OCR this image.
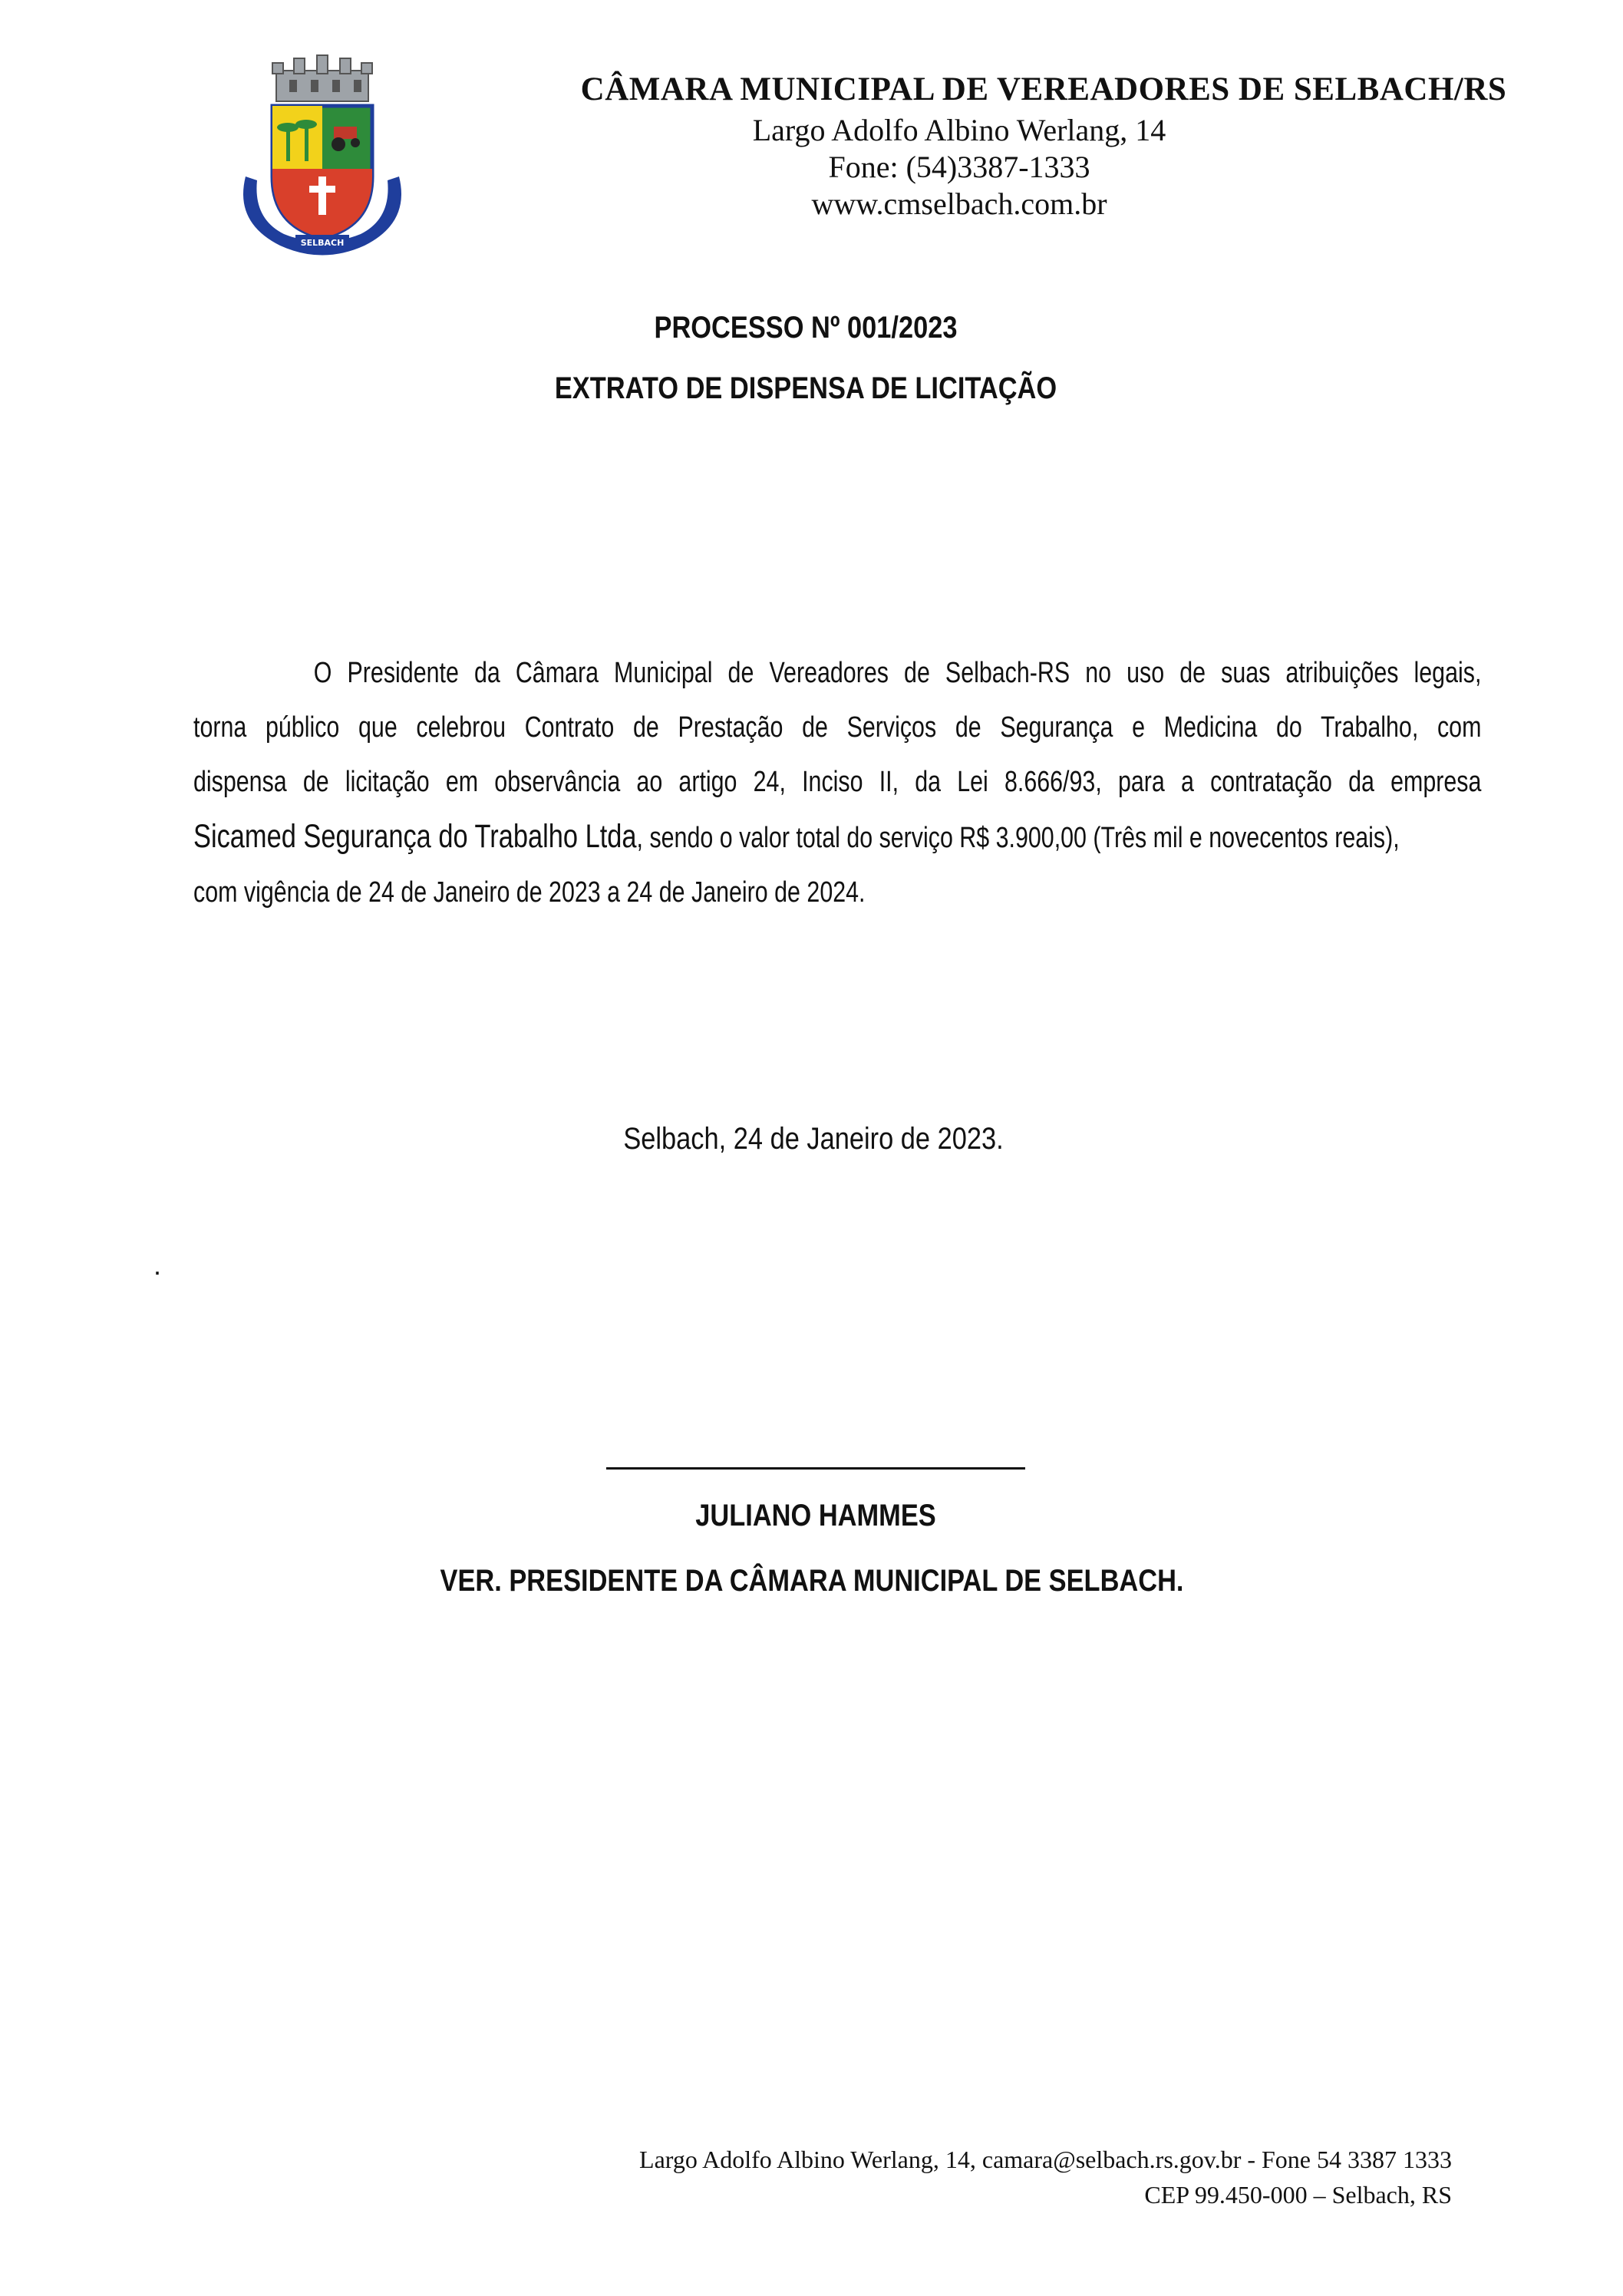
SELBACH
CÂMARA MUNICIPAL DE VEREADORES DE SELBACH/RS
Largo Adolfo Albino Werlang, 14
Fone: (54)3387-1333
www.cmselbach.com.br
PROCESSO Nº 001/2023
EXTRATO DE DISPENSA DE LICITAÇÃO
O Presidente da Câmara Municipal de Vereadores de Selbach-RS no uso de suas atribuições legais,
torna público que celebrou Contrato de Prestação de Serviços de Segurança e Medicina do Trabalho, com
dispensa de licitação em observância ao artigo 24, Inciso II, da Lei 8.666/93, para a contratação da empresa
Sicamed Segurança do Trabalho Ltda, sendo o valor total do serviço R$ 3.900,00 (Três mil e novecentos reais),
com vigência de 24 de Janeiro de 2023 a 24 de Janeiro de 2024.
Selbach, 24 de Janeiro de 2023.
.
JULIANO HAMMES
VER. PRESIDENTE DA CÂMARA MUNICIPAL DE SELBACH.
Largo Adolfo Albino Werlang, 14, camara@selbach.rs.gov.br - Fone 54 3387 1333
CEP 99.450-000 – Selbach, RS
